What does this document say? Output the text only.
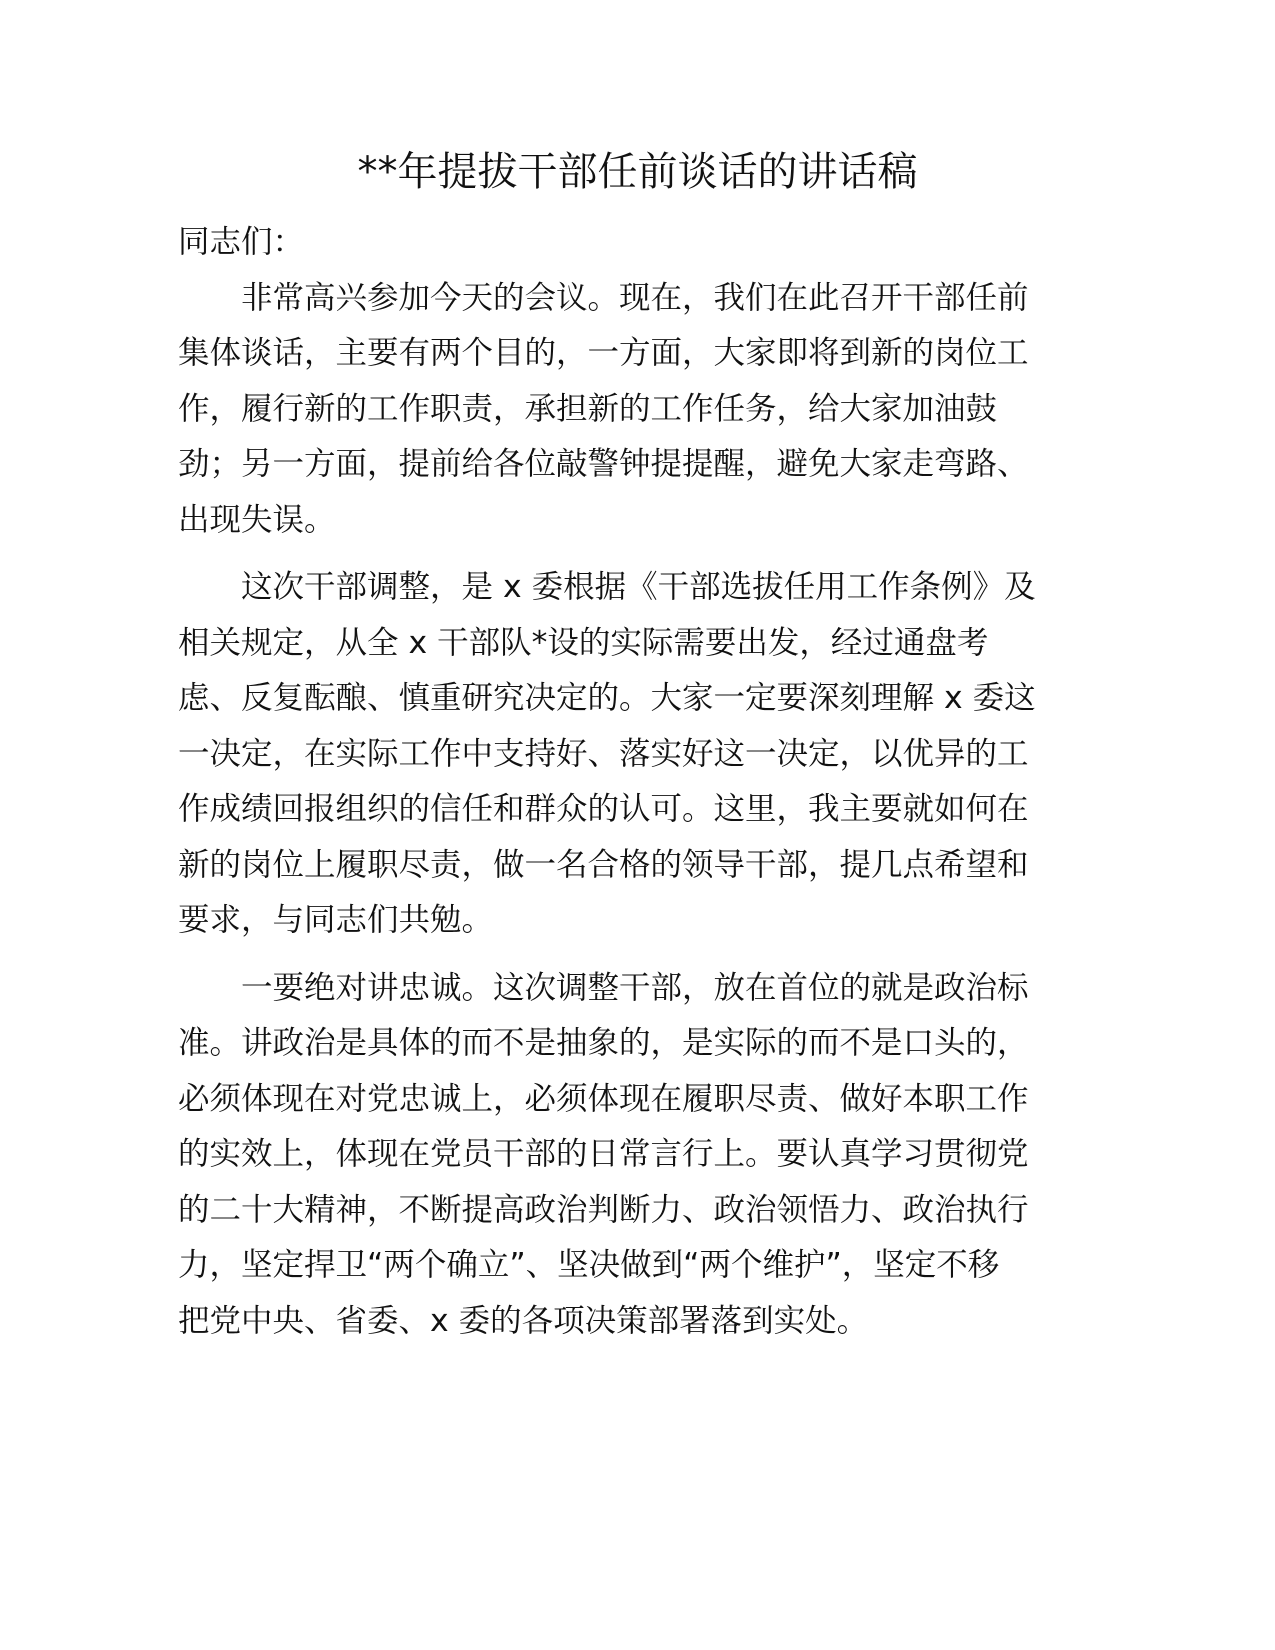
**年提拔干部任前谈话的讲话稿
同志们：
非常高兴参加今天的会议。现在，我们在此召开干部任前
集体谈话，主要有两个目的，一方面，大家即将到新的岗位工
作，履行新的工作职责，承担新的工作任务，给大家加油鼓
劲；另一方面，提前给各位敲警钟提提醒，避免大家走弯路、
出现失误。
这次干部调整，是 x 委根据《干部选拔任用工作条例》及
相关规定，从全 x 干部队*设的实际需要出发，经过通盘考
虑、反复酝酿、慎重研究决定的。大家一定要深刻理解 x 委这
一决定，在实际工作中支持好、落实好这一决定，以优异的工
作成绩回报组织的信任和群众的认可。这里，我主要就如何在
新的岗位上履职尽责，做一名合格的领导干部，提几点希望和
要求，与同志们共勉。
一要绝对讲忠诚。这次调整干部，放在首位的就是政治标
准。讲政治是具体的而不是抽象的，是实际的而不是口头的，
必须体现在对党忠诚上，必须体现在履职尽责、做好本职工作
的实效上，体现在党员干部的日常言行上。要认真学习贯彻党
的二十大精神，不断提高政治判断力、政治领悟力、政治执行
力，坚定捍卫“两个确立”、坚决做到“两个维护”，坚定不移
把党中央、省委、x 委的各项决策部署落到实处。
